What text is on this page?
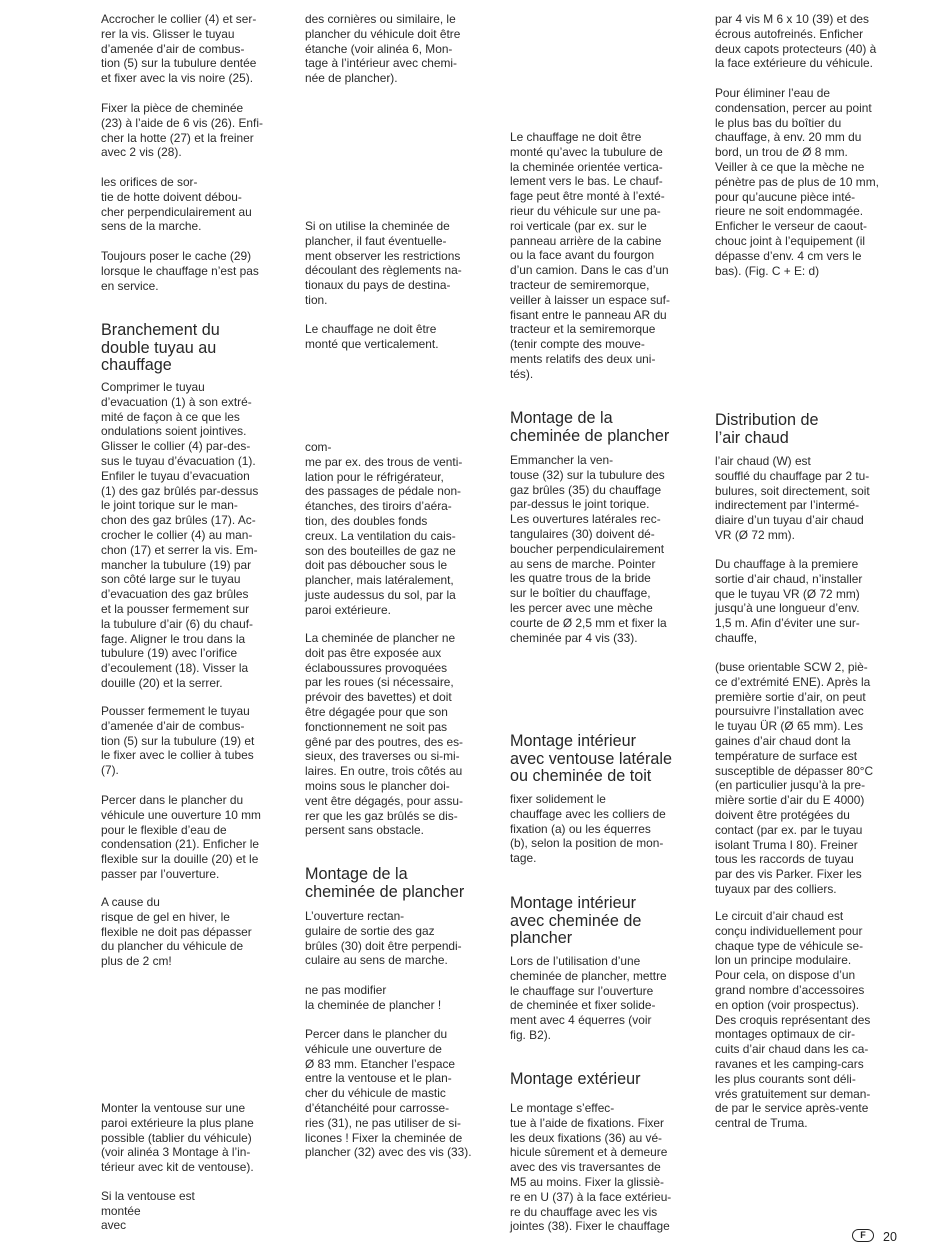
Accrocher le collier (4) et ser-
rer la vis. Glisser le tuyau
d’amenée d’air de combus-
tion (5) sur la tubulure dentée
et fixer avec la vis noire (25).

Fixer la pièce de cheminée
(23) à l’aide de 6 vis (26). Enfi-
cher la hotte (27) et la freiner
avec 2 vis (28).

les orifices de sor-
tie de hotte doivent débou-
cher perpendiculairement au
sens de la marche.

Toujours poser le cache (29)
lorsque le chauffage n’est pas
en service.

Branchement du
double tuyau au
chauffage

Comprimer le tuyau
d’evacuation (1) à son extré-
mité de façon à ce que les
ondulations soient jointives.
Glisser le collier (4) par-des-
sus le tuyau d’évacuation (1).
Enfiler le tuyau d’evacuation
(1) des gaz brûlés par-dessus
le joint torique sur le man-
chon des gaz brûles (17). Ac-
crocher le collier (4) au man-
chon (17) et serrer la vis. Em-
mancher la tubulure (19) par
son côté large sur le tuyau
d’evacuation des gaz brûles
et la pousser fermement sur
la tubulure d’air (6) du chauf-
fage. Aligner le trou dans la
tubulure (19) avec l’orifice
d’ecoulement (18). Visser la
douille (20) et la serrer.

Pousser fermement le tuyau
d’amenée d’air de combus-
tion (5) sur la tubulure (19) et
le fixer avec le collier à tubes
(7).

Percer dans le plancher du
véhicule une ouverture 10 mm
pour le flexible d’eau de
condensation (21). Enficher le
flexible sur la douille (20) et le
passer par l’ouverture.

A cause du
risque de gel en hiver, le
flexible ne doit pas dépasser
du plancher du véhicule de
plus de 2 cm!

Monter la ventouse sur une
paroi extérieure la plus plane
possible (tablier du véhicule)
(voir alinéa 3 Montage à l’in-
térieur avec kit de ventouse).

Si la ventouse est
montée

avec

des cornières ou similaire, le
plancher du véhicule doit être
étanche (voir alinéa 6, Mon-
tage à l’intérieur avec chemi-
née de plancher).

Si on utilise la cheminée de
plancher, il faut éventuelle-
ment observer les restrictions
découlant des règlements na-
tionaux du pays de destina-
tion.

Le chauffage ne doit être
monté que verticalement.

com-
me par ex. des trous de venti-
lation pour le réfrigérateur,
des passages de pédale non-
étanches, des tiroirs d’aéra-
tion, des doubles fonds
creux. La ventilation du cais-
son des bouteilles de gaz ne
doit pas déboucher sous le
plancher, mais latéralement,
juste audessus du sol, par la
paroi extérieure.

La cheminée de plancher ne
doit pas être exposée aux
éclaboussures provoquées
par les roues (si nécessaire,
prévoir des bavettes) et doit
être dégagée pour que son
fonctionnement ne soit pas
gêné par des poutres, des es-
sieux, des traverses ou si-mi-
laires. En outre, trois côtés au
moins sous le plancher doi-
vent être dégagés, pour assu-
rer que les gaz brûlés se dis-
persent sans obstacle.

Montage de la
cheminée de plancher

L’ouverture rectan-
gulaire de sortie des gaz
brûles (30) doit être perpendi-
culaire au sens de marche.

ne pas modifier
la cheminée de plancher !

Percer dans le plancher du
véhicule une ouverture de
Ø 83 mm. Etancher l’espace
entre la ventouse et le plan-
cher du véhicule de mastic
d’étanchéité pour carrosse-
ries (31), ne pas utiliser de si-
licones ! Fixer la cheminée de
plancher (32) avec des vis (33).

Le chauffage ne doit être
monté qu’avec la tubulure de
la cheminée orientée vertica-
lement vers le bas. Le chauf-
fage peut être monté à l’exté-
rieur du véhicule sur une pa-
roi verticale (par ex. sur le
panneau arrière de la cabine
ou la face avant du fourgon
d’un camion. Dans le cas d’un
tracteur de semiremorque,
veiller à laisser un espace suf-
fisant entre le panneau AR du
tracteur et la semiremorque
(tenir compte des mouve-
ments relatifs des deux uni-
tés).

Montage de la
cheminée de plancher

Emmancher la ven-
touse (32) sur la tubulure des
gaz brûles (35) du chauffage
par-dessus le joint torique.
Les ouvertures latérales rec-
tangulaires (30) doivent dé-
boucher perpendiculairement
au sens de marche. Pointer
les quatre trous de la bride
sur le boîtier du chauffage,
les percer avec une mèche
courte de Ø 2,5 mm et fixer la
cheminée par 4 vis (33).

Montage intérieur
avec ventouse latérale
ou cheminée de toit

fixer solidement le
chauffage avec les colliers de
fixation (a) ou les équerres
(b), selon la position de mon-
tage.

Montage intérieur
avec cheminée de
plancher

Lors de l’utilisation d’une
cheminée de plancher, mettre
le chauffage sur l’ouverture
de cheminée et fixer solide-
ment avec 4 équerres (voir
fig. B2).

Montage extérieur

Le montage s’effec-
tue à l’aide de fixations. Fixer
les deux fixations (36) au vé-
hicule sûrement et à demeure
avec des vis traversantes de
M5 au moins. Fixer la glissiè-
re en U (37) à la face extérieu-
re du chauffage avec les vis
jointes (38). Fixer le chauffage

par 4 vis M 6 x 10 (39) et des
écrous autofreinés. Enficher
deux capots protecteurs (40) à
la face extérieure du véhicule.

Pour éliminer l’eau de
condensation, percer au point
le plus bas du boîtier du
chauffage, à env. 20 mm du
bord, un trou de Ø 8 mm.
Veiller à ce que la mèche ne
pénètre pas de plus de 10 mm,
pour qu’aucune pièce inté-
rieure ne soit endommagée.
Enficher le verseur de caout-
chouc joint à l’equipement (il
dépasse d’env. 4 cm vers le
bas). (Fig. C + E: d)

Distribution de
l’air chaud

l’air chaud (W) est
soufflé du chauffage par 2 tu-
bulures, soit directement, soit
indirectement par l’intermé-
diaire d’un tuyau d’air chaud
VR (Ø 72 mm).

Du chauffage à la premiere
sortie d’air chaud, n’installer
que le tuyau VR (Ø 72 mm)
jusqu’à une longueur d’env.
1,5 m. Afin d’éviter une sur-
chauffe,

(buse orientable SCW 2, piè-
ce d’extrémité ENE). Après la
première sortie d’air, on peut
poursuivre l’installation avec
le tuyau ÜR (Ø 65 mm). Les
gaines d’air chaud dont la
température de surface est
susceptible de dépasser 80°C
(en particulier jusqu’à la pre-
mière sortie d’air du E 4000)
doivent être protégées du
contact (par ex. par le tuyau
isolant Truma I 80). Freiner
tous les raccords de tuyau
par des vis Parker. Fixer les
tuyaux par des colliers.

Le circuit d’air chaud est
conçu individuellement pour
chaque type de véhicule se-
lon un principe modulaire.
Pour cela, on dispose d’un
grand nombre d’accessoires
en option (voir prospectus).
Des croquis représentant des
montages optimaux de cir-
cuits d’air chaud dans les ca-
ravanes et les camping-cars
les plus courants sont déli-
vrés gratuitement sur deman-
de par le service après-vente
central de Truma.

F	20
